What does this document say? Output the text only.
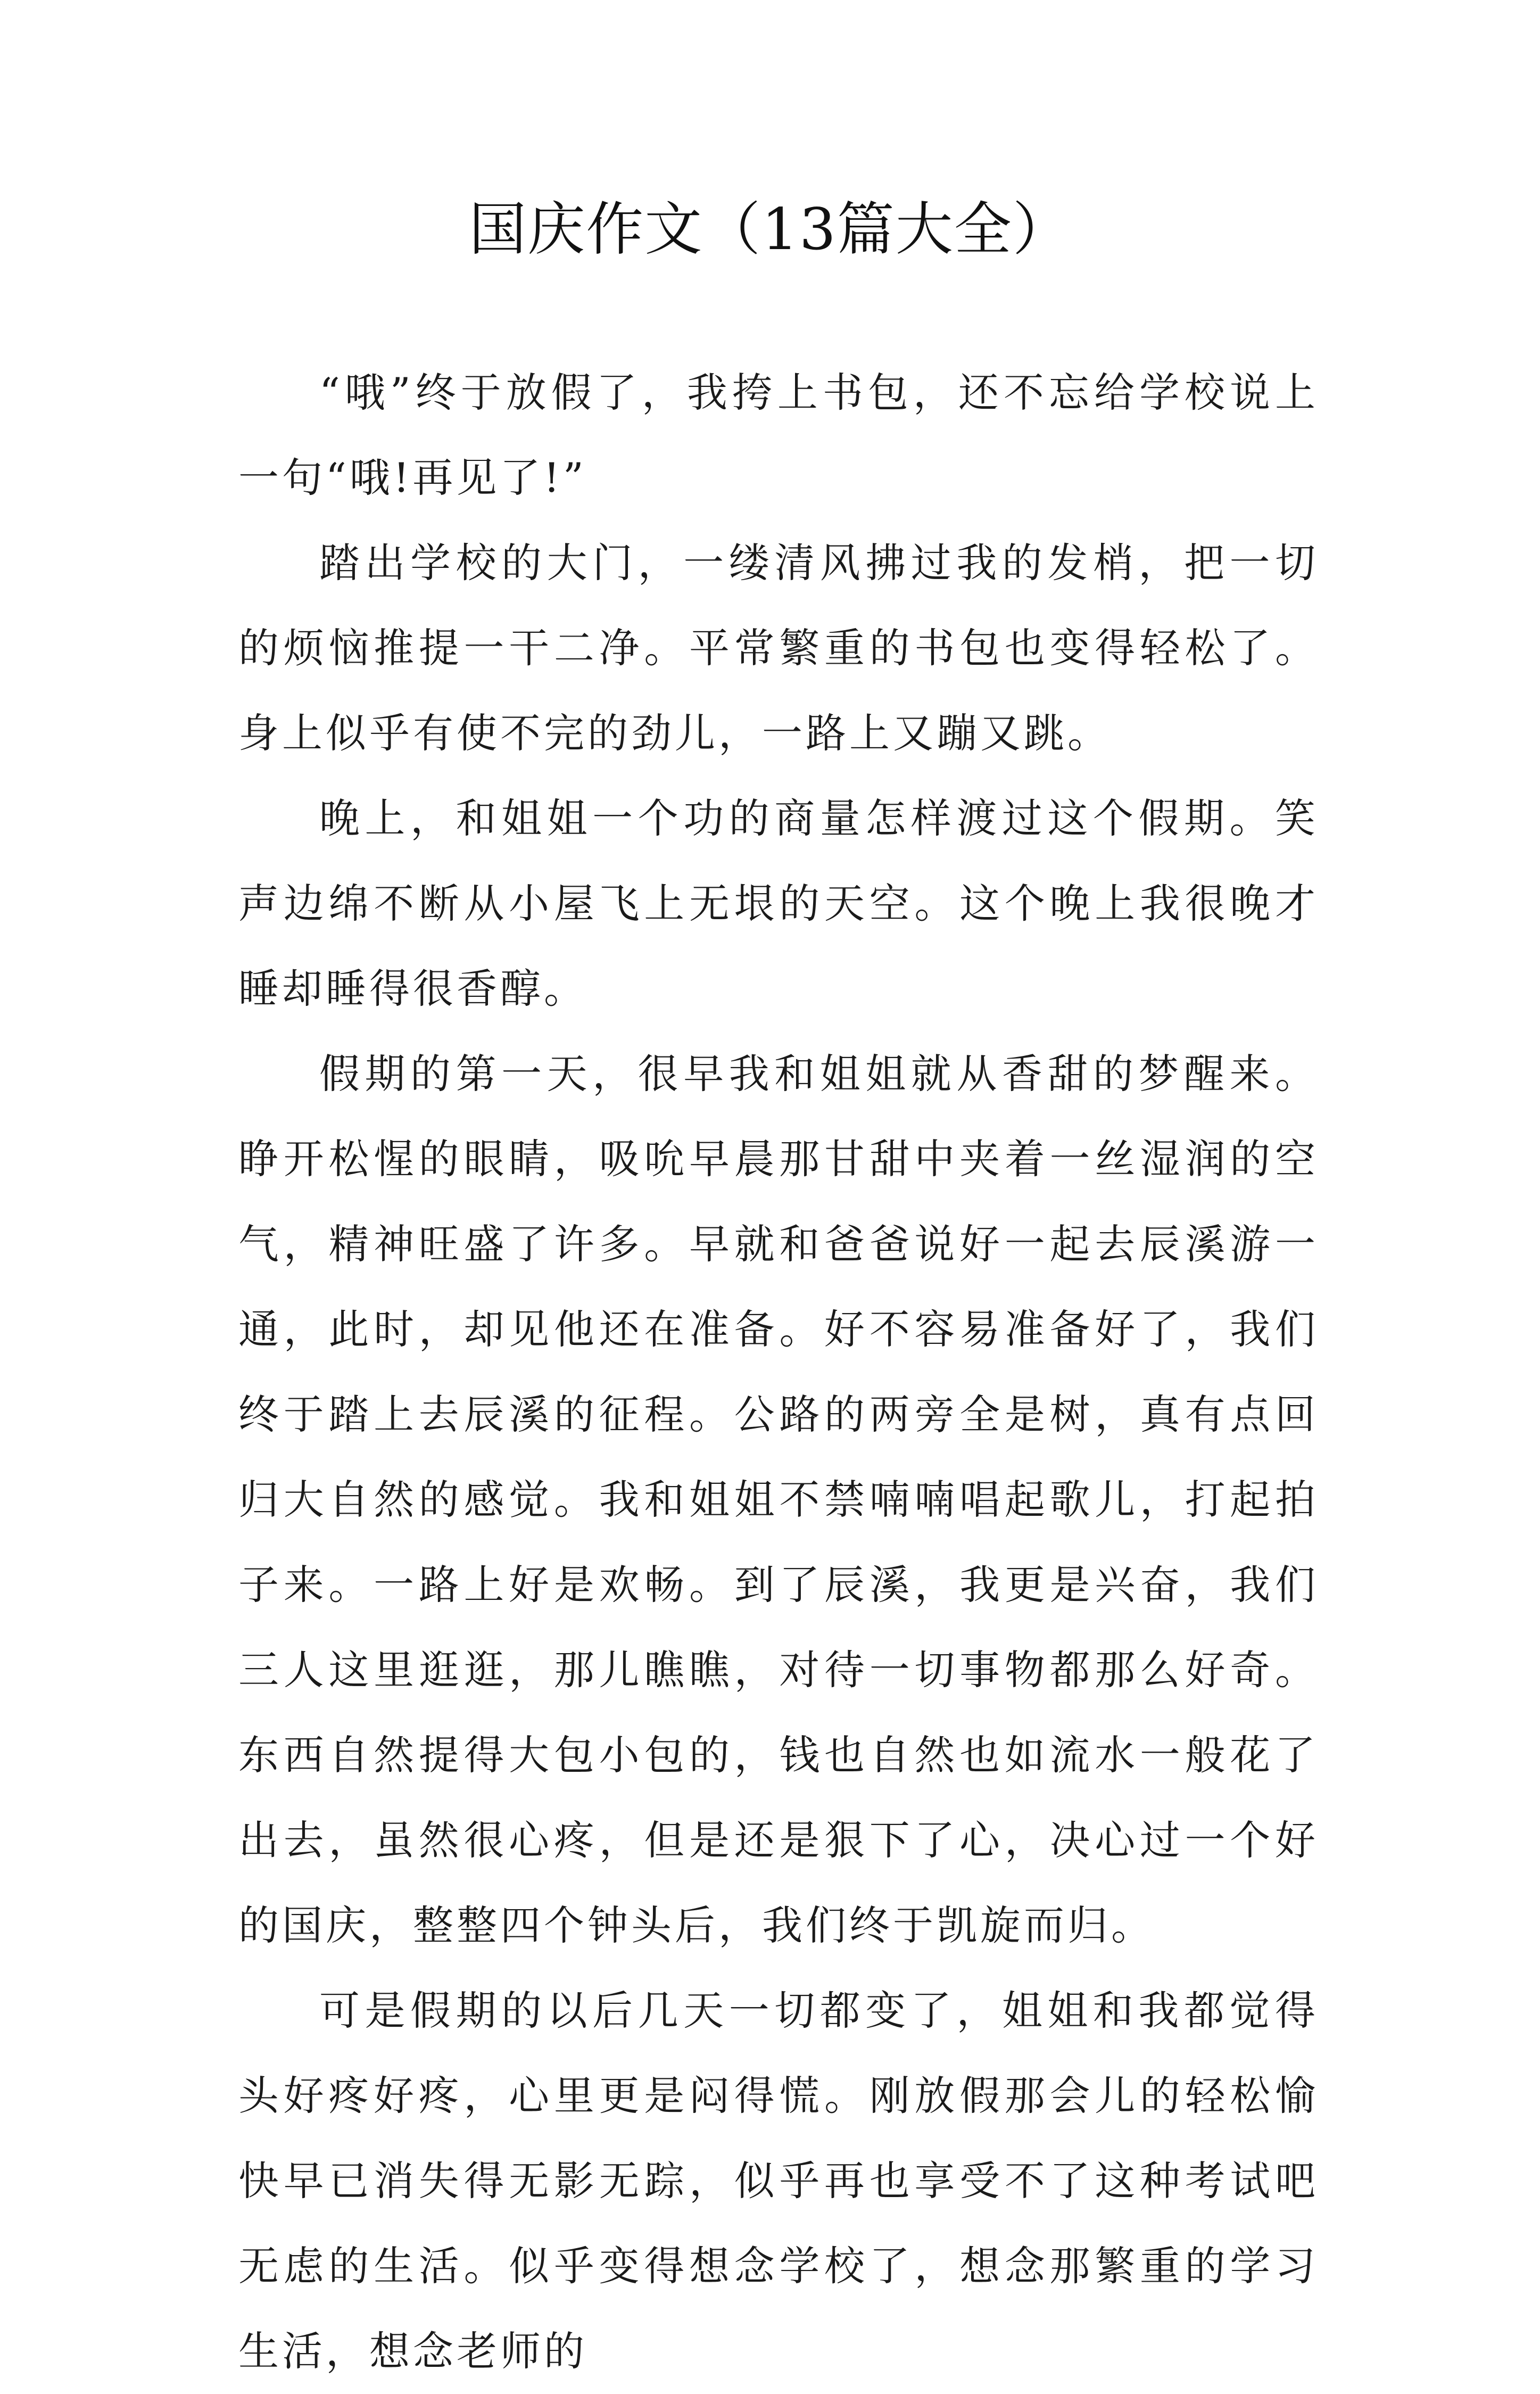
国庆作文（13篇大全）

“哦”终于放假了，我挎上书包，还不忘给学校说上一句“哦!再见了!”

踏出学校的大门，一缕清风拂过我的发梢，把一切的烦恼推提一干二净。平常繁重的书包也变得轻松了。身上似乎有使不完的劲儿，一路上又蹦又跳。

晚上，和姐姐一个功的商量怎样渡过这个假期。笑声边绵不断从小屋飞上无垠的天空。这个晚上我很晚才睡却睡得很香醇。

假期的第一天，很早我和姐姐就从香甜的梦醒来。睁开松惺的眼睛，吸吮早晨那甘甜中夹着一丝湿润的空气，精神旺盛了许多。早就和爸爸说好一起去辰溪游一通，此时，却见他还在准备。好不容易准备好了，我们终于踏上去辰溪的征程。公路的两旁全是树，真有点回归大自然的感觉。我和姐姐不禁喃喃唱起歌儿，打起拍子来。一路上好是欢畅。到了辰溪，我更是兴奋，我们三人这里逛逛，那儿瞧瞧，对待一切事物都那么好奇。东西自然提得大包小包的，钱也自然也如流水一般花了出去，虽然很心疼，但是还是狠下了心，决心过一个好的国庆，整整四个钟头后，我们终于凯旋而归。

可是假期的以后几天一切都变了，姐姐和我都觉得头好疼好疼，心里更是闷得慌。刚放假那会儿的轻松愉快早已消失得无影无踪，似乎再也享受不了这种考试吧无虑的生活。似乎变得想念学校了，想念那繁重的学习生活，想念老师的
